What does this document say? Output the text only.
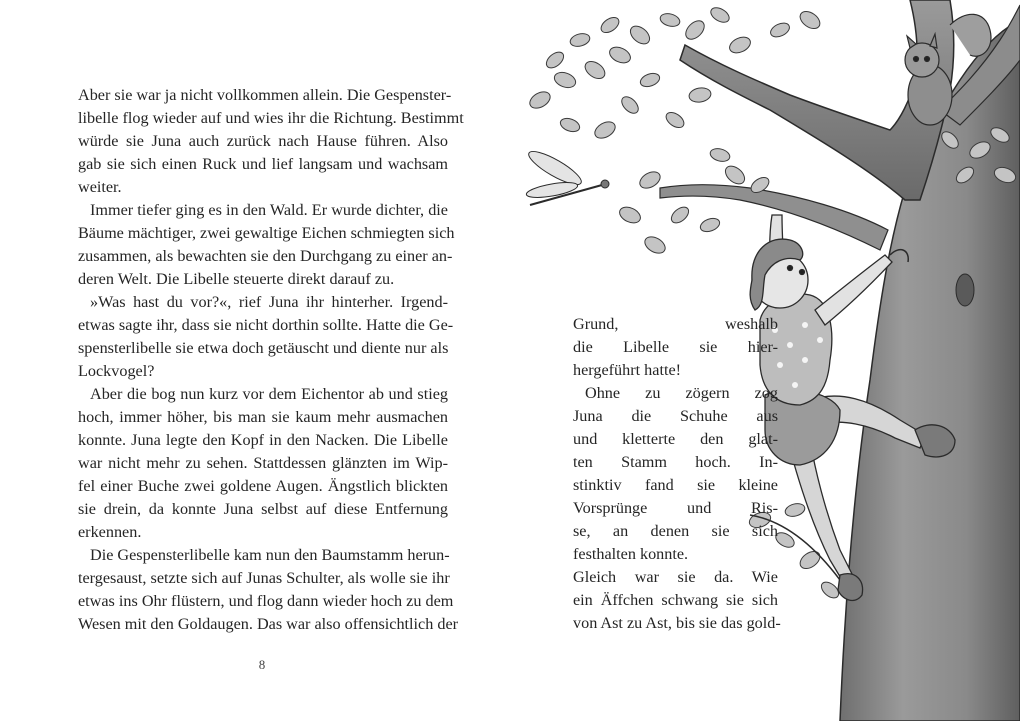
Aber sie war ja nicht vollkommen allein. Die Gespenster-
libelle flog wieder auf und wies ihr die Richtung. Bestimmt
würde sie Juna auch zurück nach Hause führen. Also
gab sie sich einen Ruck und lief langsam und wachsam
weiter.
Immer tiefer ging es in den Wald. Er wurde dichter, die
Bäume mächtiger, zwei gewaltige Eichen schmiegten sich
zusammen, als bewachten sie den Durchgang zu einer an-
deren Welt. Die Libelle steuerte direkt darauf zu.
»Was hast du vor?«, rief Juna ihr hinterher. Irgend-
etwas sagte ihr, dass sie nicht dorthin sollte. Hatte die Ge-
spensterlibelle sie etwa doch getäuscht und diente nur als
Lockvogel?
Aber die bog nun kurz vor dem Eichentor ab und stieg
hoch, immer höher, bis man sie kaum mehr ausmachen
konnte. Juna legte den Kopf in den Nacken. Die Libelle
war nicht mehr zu sehen. Stattdessen glänzten im Wip-
fel einer Buche zwei goldene Augen. Ängstlich blickten
sie drein, da konnte Juna selbst auf diese Entfernung
erkennen.
Die Gespensterlibelle kam nun den Baumstamm herun-
tergesaust, setzte sich auf Junas Schulter, als wolle sie ihr
etwas ins Ohr flüstern, und flog dann wieder hoch zu dem
Wesen mit den Goldaugen. Das war also offensichtlich der
8
Grund, weshalb
die Libelle sie hier-
hergeführt hatte!
Ohne zu zögern zog
Juna die Schuhe aus
und kletterte den glat-
ten Stamm hoch. In-
stinktiv fand sie kleine
Vorsprünge und Ris-
se, an denen sie sich
festhalten konnte.
Gleich war sie da. Wie
ein Äffchen schwang sie sich
von Ast zu Ast, bis sie das gold-
